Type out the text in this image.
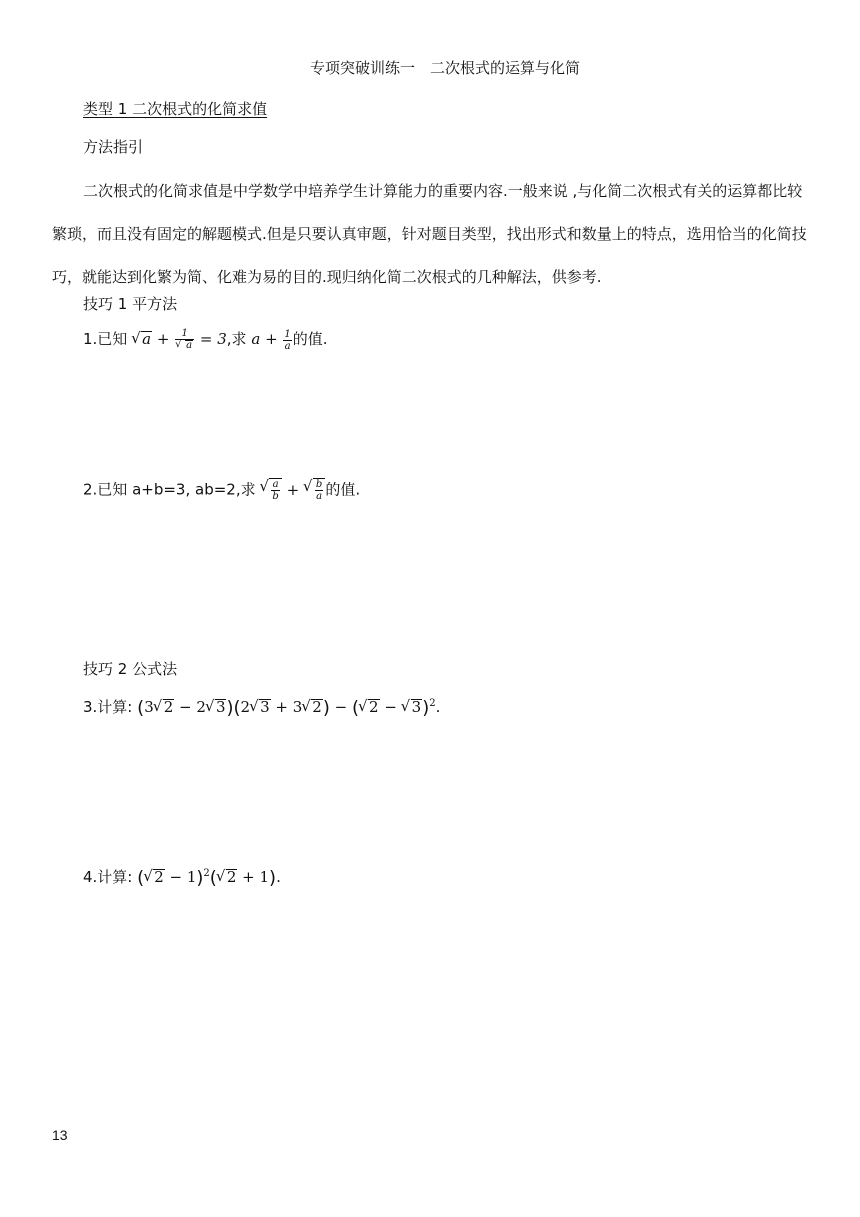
专项突破训练一　二次根式的运算与化简
类型 1 二次根式的化简求值
方法指引
二次根式的化简求值是中学数学中培养学生计算能力的重要内容.一般来说 ,与化简二次根式有关的运算都比较繁琐，而且没有固定的解题模式.但是只要认真审题，针对题目类型，找出形式和数量上的特点，选用恰当的化简技巧，就能达到化繁为简、化难为易的目的.现归纳化简二次根式的几种解法，供参考.
技巧 1 平方法
1.已知 √ a + 1
√ a = 3,求 $a + \frac{1}{a}$ 的值.
2.已知 a+b=3, ab=2,求 √ $\frac{a}{b}$ + √ $\frac{b}{a}$ 的值.
技巧 2 公式法
3.计算: (3 √ 2 − 2 √ 3)(2 √ 3 + 3 √ 2) − ( √ 2 − √ 3)$^2$.
4.计算: ( √ 2 − 1)$^2$( √ 2 + 1).
13
